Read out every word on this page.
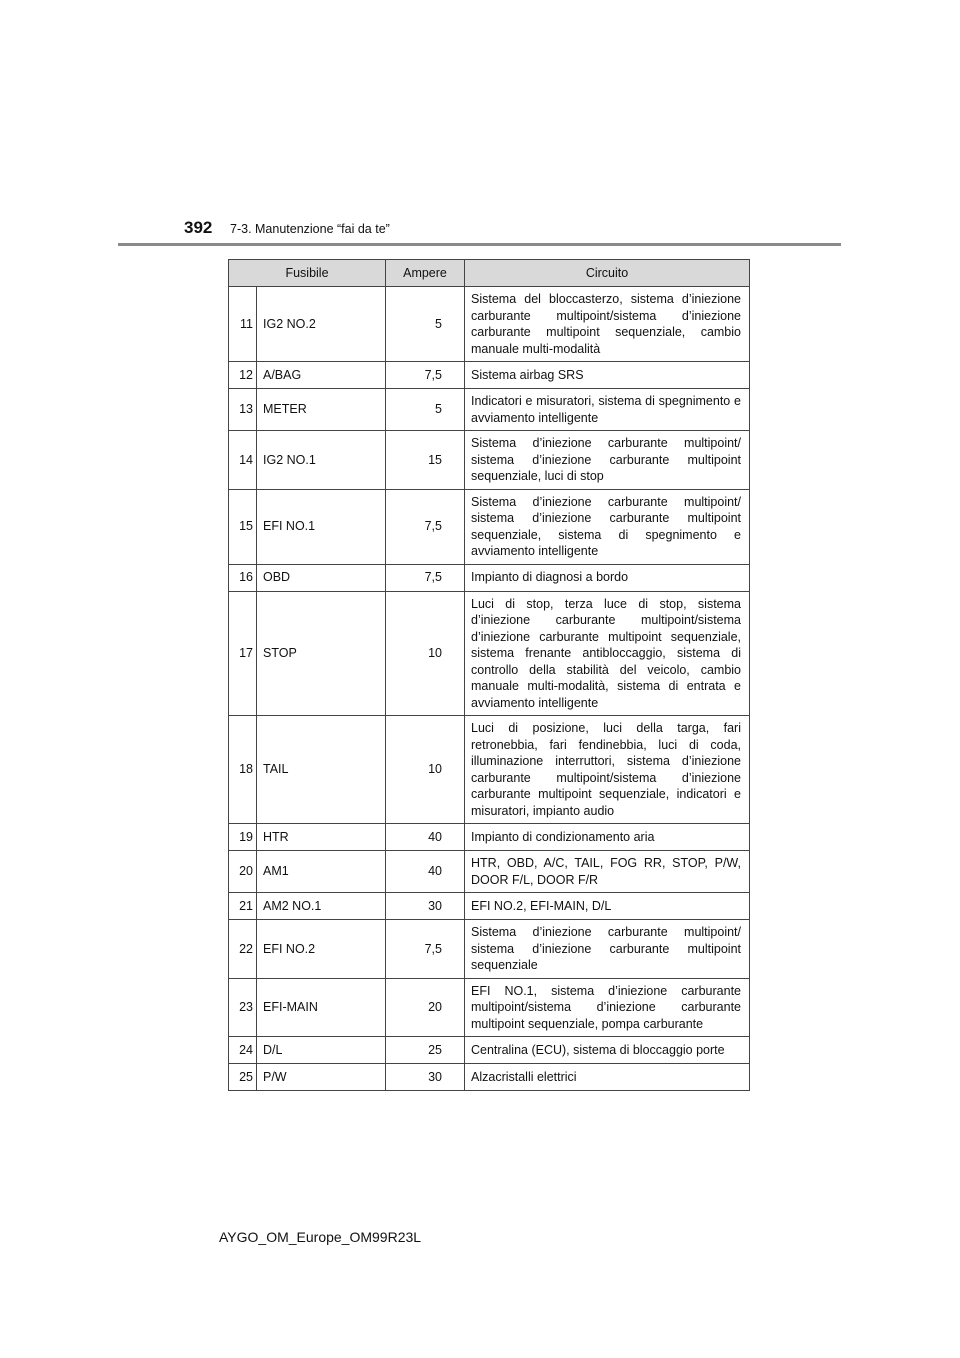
392 7-3. Manutenzione “fai da te”
Fusibile		Ampere	Circuito
11	IG2 NO.2	5	Sistema del bloccasterzo, sistema d’iniezione carburante multipoint/sistema d’iniezione carburante multipoint sequenziale, cambio manuale multi-modalità
12	A/BAG	7,5	Sistema airbag SRS
13	METER	5	Indicatori e misuratori, sistema di spegnimento e avviamento intelligente
14	IG2 NO.1	15	Sistema d’iniezione carburante multipoint/ sistema d’iniezione carburante multipoint sequenziale, luci di stop
15	EFI NO.1	7,5	Sistema d’iniezione carburante multipoint/ sistema d’iniezione carburante multipoint sequenziale, sistema di spegnimento e avviamento intelligente
16	OBD	7,5	Impianto di diagnosi a bordo
17	STOP	10	Luci di stop, terza luce di stop, sistema d’iniezione carburante multipoint/sistema d’iniezione carburante multipoint sequenziale, sistema frenante antibloccaggio, sistema di controllo della stabilità del veicolo, cambio manuale multi-modalità, sistema di entrata e avviamento intelligente
18	TAIL	10	Luci di posizione, luci della targa, fari retronebbia, fari fendinebbia, luci di coda, illuminazione interruttori, sistema d’iniezione carburante multipoint/sistema d’iniezione carburante multipoint sequenziale, indicatori e misuratori, impianto audio
19	HTR	40	Impianto di condizionamento aria
20	AM1	40	HTR, OBD, A/C, TAIL, FOG RR, STOP, P/W, DOOR F/L, DOOR F/R
21	AM2 NO.1	30	EFI NO.2, EFI-MAIN, D/L
22	EFI NO.2	7,5	Sistema d’iniezione carburante multipoint/ sistema d’iniezione carburante multipoint sequenziale
23	EFI-MAIN	20	EFI NO.1, sistema d’iniezione carburante multipoint/sistema d’iniezione carburante multipoint sequenziale, pompa carburante
24	D/L	25	Centralina (ECU), sistema di bloccaggio porte
25	P/W	30	Alzacristalli elettrici
AYGO_OM_Europe_OM99R23L
